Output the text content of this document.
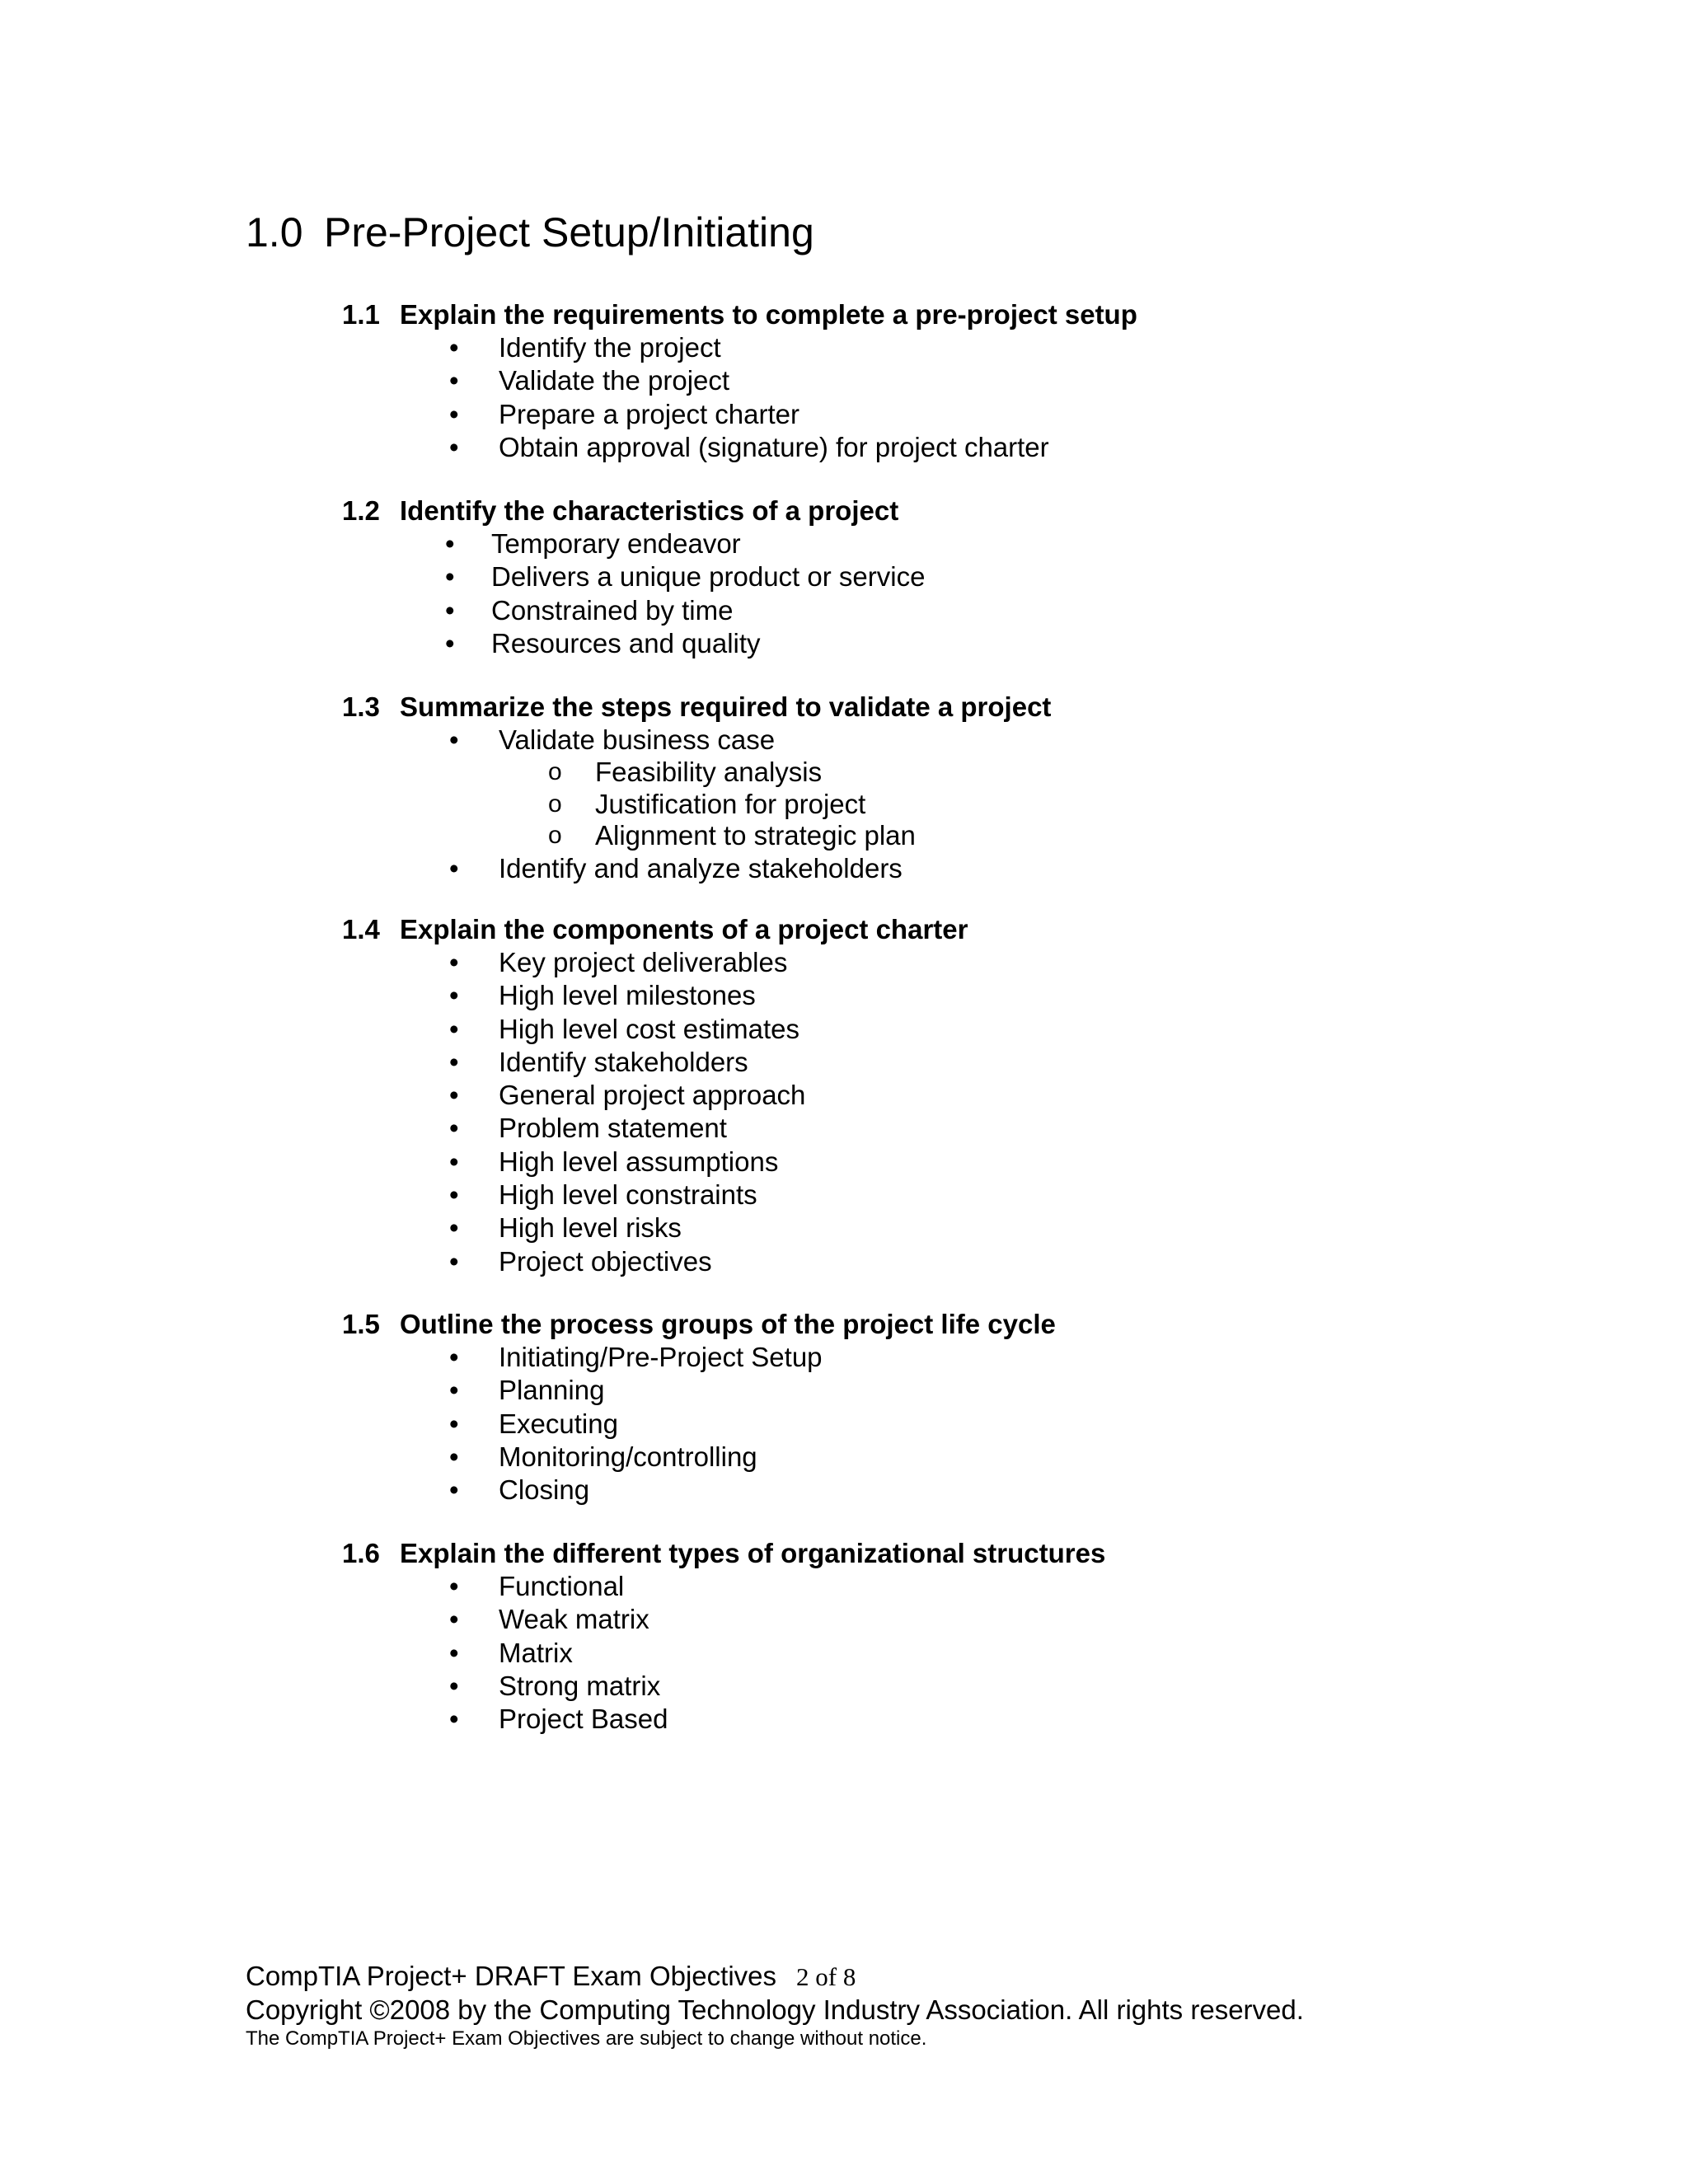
1.0 Pre-Project Setup/Initiating
1.1 Explain the requirements to complete a pre-project setup
• Identify the project
• Validate the project
• Prepare a project charter
• Obtain approval (signature) for project charter
1.2 Identify the characteristics of a project
• Temporary endeavor
• Delivers a unique product or service
• Constrained by time
• Resources and quality
1.3 Summarize the steps required to validate a project
• Validate business case
o Feasibility analysis
o Justification for project
o Alignment to strategic plan
• Identify and analyze stakeholders
1.4 Explain the components of a project charter
• Key project deliverables
• High level milestones
• High level cost estimates
• Identify stakeholders
• General project approach
• Problem statement
• High level assumptions
• High level constraints
• High level risks
• Project objectives
1.5 Outline the process groups of the project life cycle
• Initiating/Pre-Project Setup
• Planning
• Executing
• Monitoring/controlling
• Closing
1.6 Explain the different types of organizational structures
• Functional
• Weak matrix
• Matrix
• Strong matrix
• Project Based
CompTIA Project+ DRAFT Exam Objectives 2 of 8
Copyright ©2008 by the Computing Technology Industry Association. All rights reserved.
The CompTIA Project+ Exam Objectives are subject to change without notice.
